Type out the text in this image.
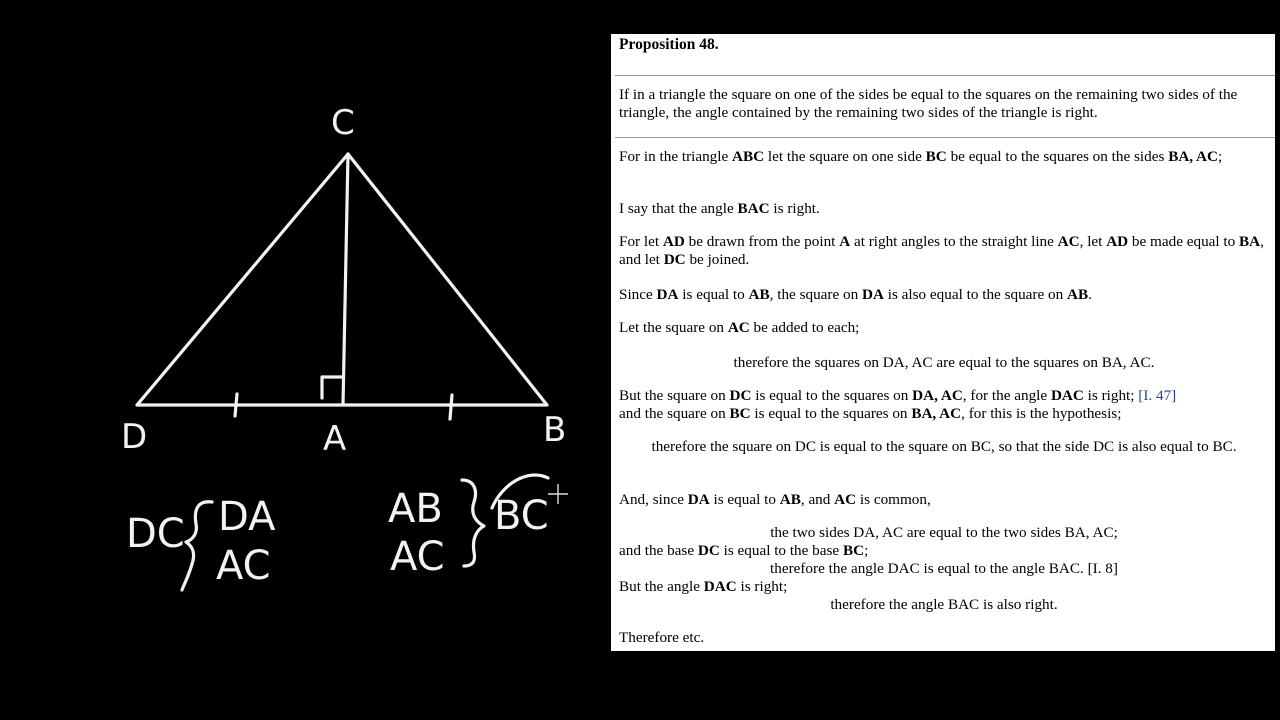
C
D	A	B
DC DA
AC
AB
AC
BC
Proposition 48.
If in a triangle the square on one of the sides be equal to the squares on the remaining two sides of the triangle, the angle contained by the remaining two sides of the triangle is right.
For in the triangle ABC let the square on one side BC be equal to the squares on the sides BA, AC;
I say that the angle BAC is right.
For let AD be drawn from the point A at right angles to the straight line AC, let AD be made equal to BA, and let DC be joined.
Since DA is equal to AB, the square on DA is also equal to the square on AB.
Let the square on AC be added to each;
therefore the squares on DA, AC are equal to the squares on BA, AC.
But the square on DC is equal to the squares on DA, AC, for the angle DAC is right; [I. 47]
and the square on BC is equal to the squares on BA, AC, for this is the hypothesis;
therefore the square on DC is equal to the square on BC, so that the side DC is also equal to BC.
And, since DA is equal to AB, and AC is common,
the two sides DA, AC are equal to the two sides BA, AC;
and the base DC is equal to the base BC;
therefore the angle DAC is equal to the angle BAC. [I. 8]
But the angle DAC is right;
therefore the angle BAC is also right.
Therefore etc.
